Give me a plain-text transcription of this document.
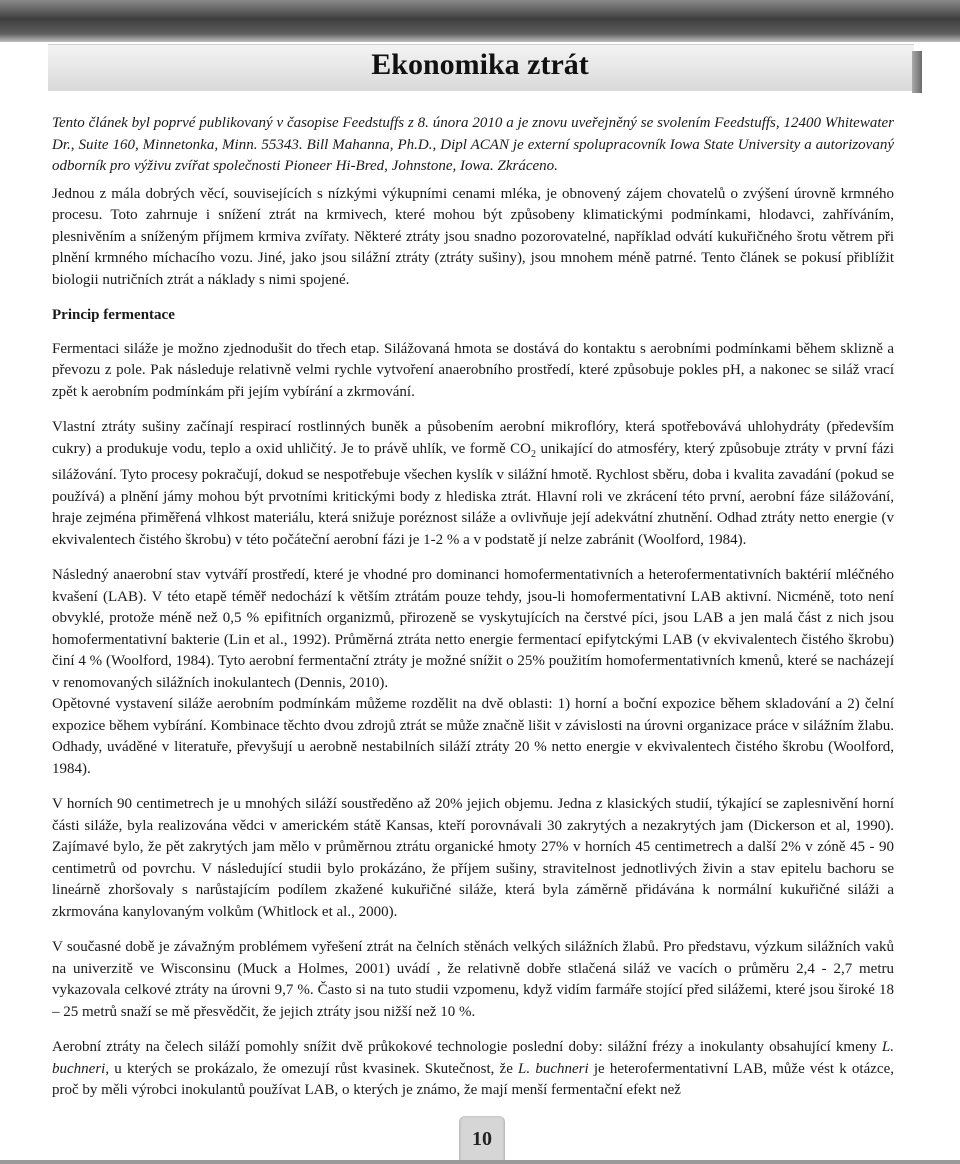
Ekonomika ztrát

Tento článek byl poprvé publikovaný v časopise Feedstuffs z 8. února 2010 a je znovu uveřejněný se svolením Feedstuffs, 12400 Whitewater Dr., Suite 160, Minnetonka, Minn. 55343. Bill Mahanna, Ph.D., Dipl ACAN je externí spolupracovník Iowa State University a autorizovaný odborník pro výživu zvířat společnosti Pioneer Hi-Bred, Johnstone, Iowa. Zkráceno.

Jednou z mála dobrých věcí, souvisejících s nízkými výkupními cenami mléka, je obnovený zájem chovatelů o zvýšení úrovně krmného procesu. Toto zahrnuje i snížení ztrát na krmivech, které mohou být způsobeny klimatickými podmínkami, hlodavci, zahříváním, plesnivěním a sníženým příjmem krmiva zvířaty. Některé ztráty jsou snadno pozorovatelné, například odvátí kukuřičného šrotu větrem při plnění krmného míchacího vozu. Jiné, jako jsou silážní ztráty (ztráty sušiny), jsou mnohem méně patrné. Tento článek se pokusí přiblížit biologii nutričních ztrát a náklady s nimi spojené.

Princip fermentace

Fermentaci siláže je možno zjednodušit do třech etap. Silážovaná hmota se dostává do kontaktu s aerobními podmínkami během sklizně a převozu z pole. Pak následuje relativně velmi rychle vytvoření anaerobního prostředí, které způsobuje pokles pH, a nakonec se siláž vrací zpět k aerobním podmínkám při jejím vybírání a zkrmování.

Vlastní ztráty sušiny začínají respirací rostlinných buněk a působením aerobní mikroflóry, která spotřebovává uhlohydráty (především cukry) a produkuje vodu, teplo a oxid uhličitý. Je to právě uhlík, ve formě $CO_2$ unikající do atmosféry, který způsobuje ztráty v první fázi silážování. Tyto procesy pokračují, dokud se nespotřebuje všechen kyslík v silážní hmotě. Rychlost sběru, doba i kvalita zavadání (pokud se používá) a plnění jámy mohou být prvotními kritickými body z hlediska ztrát. Hlavní roli ve zkrácení této první, aerobní fáze silážování, hraje zejména přiměřená vlhkost materiálu, která snižuje poréznost siláže a ovlivňuje její adekvátní zhutnění. Odhad ztráty netto energie (v ekvivalentech čistého škrobu) v této počáteční aerobní fázi je 1-2 % a v podstatě jí nelze zabránit (Woolford, 1984).

Následný anaerobní stav vytváří prostředí, které je vhodné pro dominanci homofermentativních a heterofermentativních baktérií mléčného kvašení (LAB). V této etapě téměř nedochází k větším ztrátám pouze tehdy, jsou-li homofermentativní LAB aktivní. Nicméně, toto není obvyklé, protože méně než 0,5 % epifitních organizmů, přirozeně se vyskytujících na čerstvé píci, jsou LAB a jen malá část z nich jsou homofermentativní bakterie (Lin et al., 1992). Průměrná ztráta netto energie fermentací epifytckými LAB (v ekvivalentech čistého škrobu) činí 4 % (Woolford, 1984). Tyto aerobní fermentační ztráty je možné snížit o 25% použitím homofermentativních kmenů, které se nacházejí v renomovaných silážních inokulantech (Dennis, 2010).

Opětovné vystavení siláže aerobním podmínkám můžeme rozdělit na dvě oblasti: 1) horní a boční expozice během skladování a 2) čelní expozice během vybírání. Kombinace těchto dvou zdrojů ztrát se může značně lišit v závislosti na úrovni organizace práce v silážním žlabu. Odhady, uváděné v literatuře, převyšují u aerobně nestabilních siláží ztráty 20 % netto energie v ekvivalentech čistého škrobu (Woolford, 1984).

V horních 90 centimetrech je u mnohých siláží soustředěno až 20% jejich objemu. Jedna z klasických studií, týkající se zaplesnivění horní části siláže, byla realizována vědci v americkém státě Kansas, kteří porovnávali 30 zakrytých a nezakrytých jam (Dickerson et al, 1990). Zajímavé bylo, že pět zakrytých jam mělo v průměrnou ztrátu organické hmoty 27% v horních 45 centimetrech a další 2% v zóně 45 - 90 centimetrů od povrchu. V následující studii bylo prokázáno, že příjem sušiny, stravitelnost jednotlivých živin a stav epitelu bachoru se lineárně zhoršovaly s narůstajícím podílem zkažené kukuřičné siláže, která byla záměrně přidávána k normální kukuřičné siláži a zkrmována kanylovaným volkům (Whitlock et al., 2000).

V současné době je závažným problémem vyřešení ztrát na čelních stěnách velkých silážních žlabů. Pro představu, výzkum silážních vaků na univerzitě ve Wisconsinu (Muck a Holmes, 2001) uvádí , že relativně dobře stlačená siláž ve vacích o průměru 2,4 - 2,7 metru vykazovala celkové ztráty na úrovni 9,7 %. Často si na tuto studii vzpomenu, když vidím farmáře stojící před silážemi, které jsou široké 18 – 25 metrů snaží se mě přesvědčit, že jejich ztráty jsou nižší než 10 %.

Aerobní ztráty na čelech siláží pomohly snížit dvě průkokové technologie poslední doby: silážní frézy a inokulanty obsahující kmeny L. buchneri, u kterých se prokázalo, že omezují růst kvasinek. Skutečnost, že L. buchneri je heterofermentativní LAB, může vést k otázce, proč by měli výrobci inokulantů používat LAB, o kterých je známo, že mají menší fermentační efekt než

10
